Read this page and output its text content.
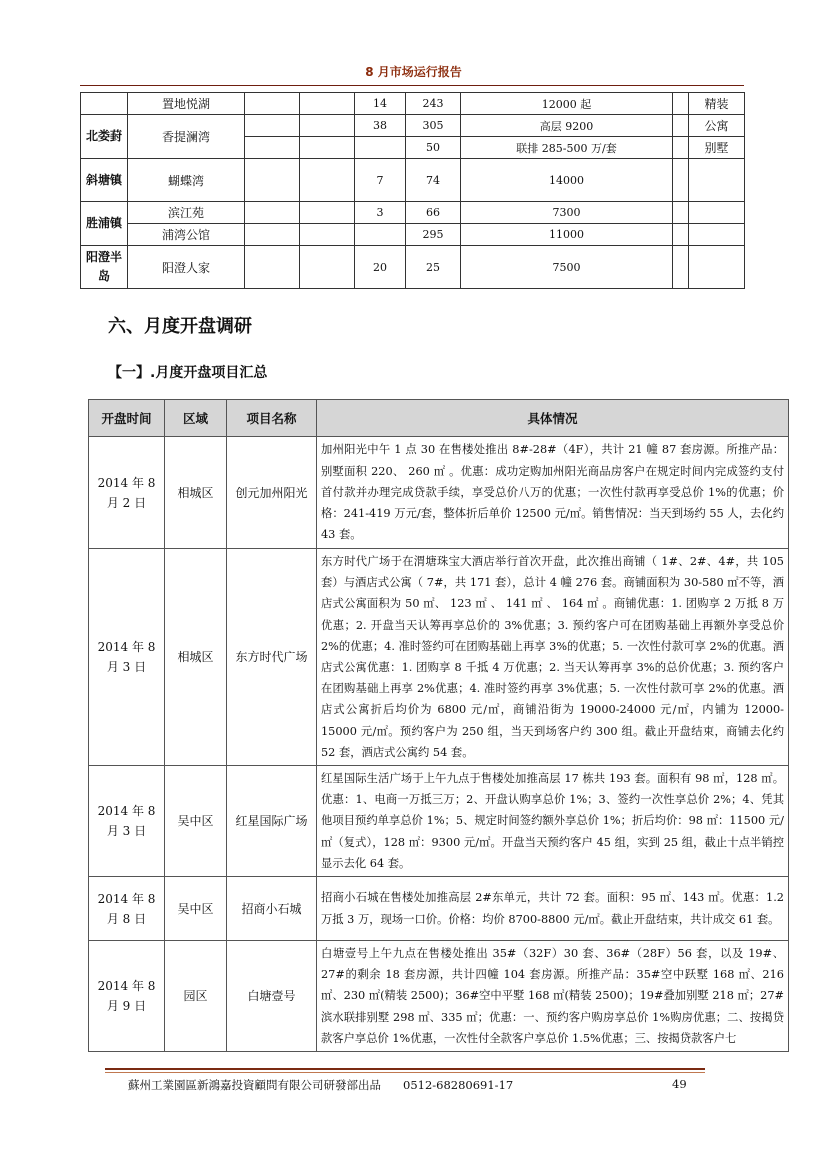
8 月市场运行报告
	置地悦湖			14	243	12000 起		精装
北娄葑	香提澜湾			38	305	高层 9200		公寓
					50	联排 285-500 万/套		别墅
斜塘镇	蝴蝶湾			7	74	14000		
胜浦镇	滨江苑			3	66	7300		
	浦湾公馆				295	11000		
阳澄半岛	阳澄人家			20	25	7500		
六、月度开盘调研
【一】.月度开盘项目汇总
开盘时间	区域	项目名称	具体情况
2014 年 8 月 2 日	相城区	创元加州阳光	加州阳光中午 1 点 30 在售楼处推出 8#-28#（4F），共计 21 幢 87 套房源。所推产品：别墅面积 220、 260 ㎡ 。优惠：成功定购加州阳光商品房客户在规定时间内完成签约支付首付款并办理完成贷款手续，享受总价八万的优惠；一次性付款再享受总价 1%的优惠；价格：241-419 万元/套，整体折后单价 12500 元/㎡。销售情况：当天到场约 55 人，去化约 43 套。
2014 年 8 月 3 日	相城区	东方时代广场	东方时代广场于在渭塘珠宝大酒店举行首次开盘，此次推出商铺（ 1#、2#、4#，共 105 套）与酒店式公寓（ 7#，共 171 套），总计 4 幢 276 套。商铺面积为 30-580 ㎡不等，酒店式公寓面积为 50 ㎡、 123 ㎡ 、 141 ㎡ 、 164 ㎡ 。商铺优惠：1. 团购享 2 万抵 8 万优惠；2. 开盘当天认筹再享总价的 3%优惠；3. 预约客户可在团购基础上再额外享受总价 2%的优惠；4. 准时签约可在团购基础上再享 3%的优惠；5. 一次性付款可享 2%的优惠。酒店式公寓优惠：1. 团购享 8 千抵 4 万优惠；2. 当天认筹再享 3%的总价优惠；3. 预约客户在团购基础上再享 2%优惠；4. 准时签约再享 3%优惠；5. 一次性付款可享 2%的优惠。酒店式公寓折后均价为 6800 元/㎡，商铺沿街为 19000-24000 元/㎡，内铺为 12000-15000 元/㎡。预约客户为 250 组，当天到场客户约 300 组。截止开盘结束，商铺去化约 52 套，酒店式公寓约 54 套。
2014 年 8 月 3 日	吴中区	红星国际广场	红星国际生活广场于上午九点于售楼处加推高层 17 栋共 193 套。面积有 98 ㎡，128 ㎡。优惠：1、电商一万抵三万；2、开盘认购享总价 1%；3、签约一次性享总价 2%；4、凭其他项目预约单享总价 1%；5、规定时间签约额外享总价 1%；折后均价：98 ㎡：11500 元/㎡（复式），128 ㎡：9300 元/㎡。开盘当天预约客户 45 组，实到 25 组，截止十点半销控显示去化 64 套。
2014 年 8 月 8 日	吴中区	招商小石城	招商小石城在售楼处加推高层 2#东单元，共计 72 套。面积：95 ㎡、143 ㎡。优惠：1.2 万抵 3 万，现场一口价。价格：均价 8700-8800 元/㎡。截止开盘结束，共计成交 61 套。
2014 年 8 月 9 日	园区	白塘壹号	白塘壹号上午九点在售楼处推出 35#（32F）30 套、36#（28F）56 套，以及 19#、27#的剩余 18 套房源，共计四幢 104 套房源。所推产品：35#空中跃墅 168 ㎡、216 ㎡、230 ㎡(精装 2500)；36#空中平墅 168 ㎡(精装 2500)；19#叠加别墅 218 ㎡；27#滨水联排别墅 298 ㎡、335 ㎡；优惠：一、预约客户购房享总价 1%购房优惠；二、按揭贷款客户享总价 1%优惠，一次性付全款客户享总价 1.5%优惠；三、按揭贷款客户七
蘇州工業園區新鴻嘉投資顧問有限公司研發部出品 0512-68280691-17	49
